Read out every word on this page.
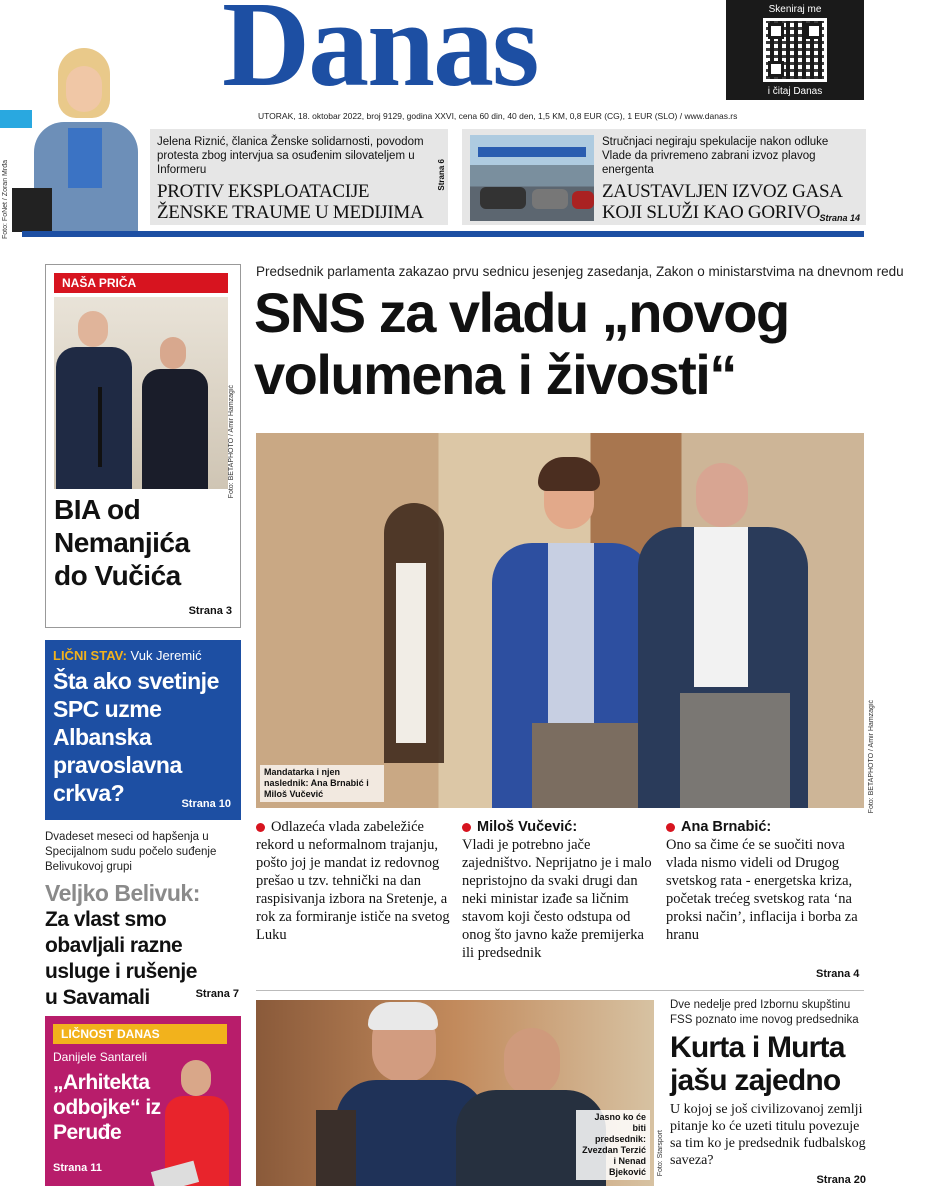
Danas	Skeniraj me
i čitaj Danas
UTORAK, 18. oktobar 2022, broj 9129, godina XXVI, cena 60 din, 40 den, 1,5 KM, 0,8 EUR (CG), 1 EUR (SLO) / www.danas.rs
Foto: FoNet / Zoran Mrđa
Jelena Riznić, članica Ženske solidarnosti, povodom protesta zbog intervjua sa osuđenim silovateljem u Informeru
PROTIV EKSPLOATACIJE ŽENSKE TRAUME U MEDIJIMA
Strana 6
Stručnjaci negiraju spekulacije nakon odluke Vlade da privremeno zabrani izvoz plavog energenta
ZAUSTAVLJEN IZVOZ GASA KOJI SLUŽI KAO GORIVO Strana 14
NAŠA PRIČA
Foto: BETAPHOTO / Amir Hamzagić
BIA od Nemanjića do Vučića
Strana 3
LIČNI STAV: Vuk Jeremić
Šta ako svetinje SPC uzme Albanska pravoslavna crkva?	Strana 10
Dvadeset meseci od hapšenja u Specijalnom sudu počelo suđenje Belivukovoj grupi
Veljko Belivuk:
Za vlast smo obavljali razne usluge i rušenje u Savamali	Strana 7
LIČNOST DANAS
Danijele Santareli
„Arhitekta odbojke“ iz Peruđe
Strana 11
Predsednik parlamenta zakazao prvu sednicu jesenjeg zasedanja, Zakon o ministarstvima na dnevnom redu
SNS za vladu „novog volumena i živosti“
Mandatarka i njen naslednik: Ana Brnabić i Miloš Vučević	Foto: BETAPHOTO / Amir Hamzagić
Odlazeća vlada zabeležiće rekord u neformalnom trajanju, pošto joj je mandat iz redovnog prešao u tzv. tehnički na dan raspisivanja izbora na Sretenje, a rok za formiranje ističe na svetog Luku
Miloš Vučević:
Vladi je potrebno jače zajedništvo. Neprijatno je i malo nepristojno da svaki drugi dan neki ministar izađe sa ličnim stavom koji često odstupa od onog što javno kaže premijerka ili predsednik
Ana Brnabić:
Ono sa čime će se suočiti nova vlada nismo videli od Drugog svetskog rata - energetska kriza, početak trećeg svetskog rata ‘na proksi način’, inflacija i borba za hranu
Strana 4
Jasno ko će biti predsednik: Zvezdan Terzić i Nenad Bjeković	Foto: Starsport
Dve nedelje pred Izbornu skupštinu FSS poznato ime novog predsednika
Kurta i Murta jašu zajedno
U kojoj se još civilizovanoj zemlji pitanje ko će uzeti titulu povezuje sa tim ko je predsednik fudbalskog saveza?
Strana 20
